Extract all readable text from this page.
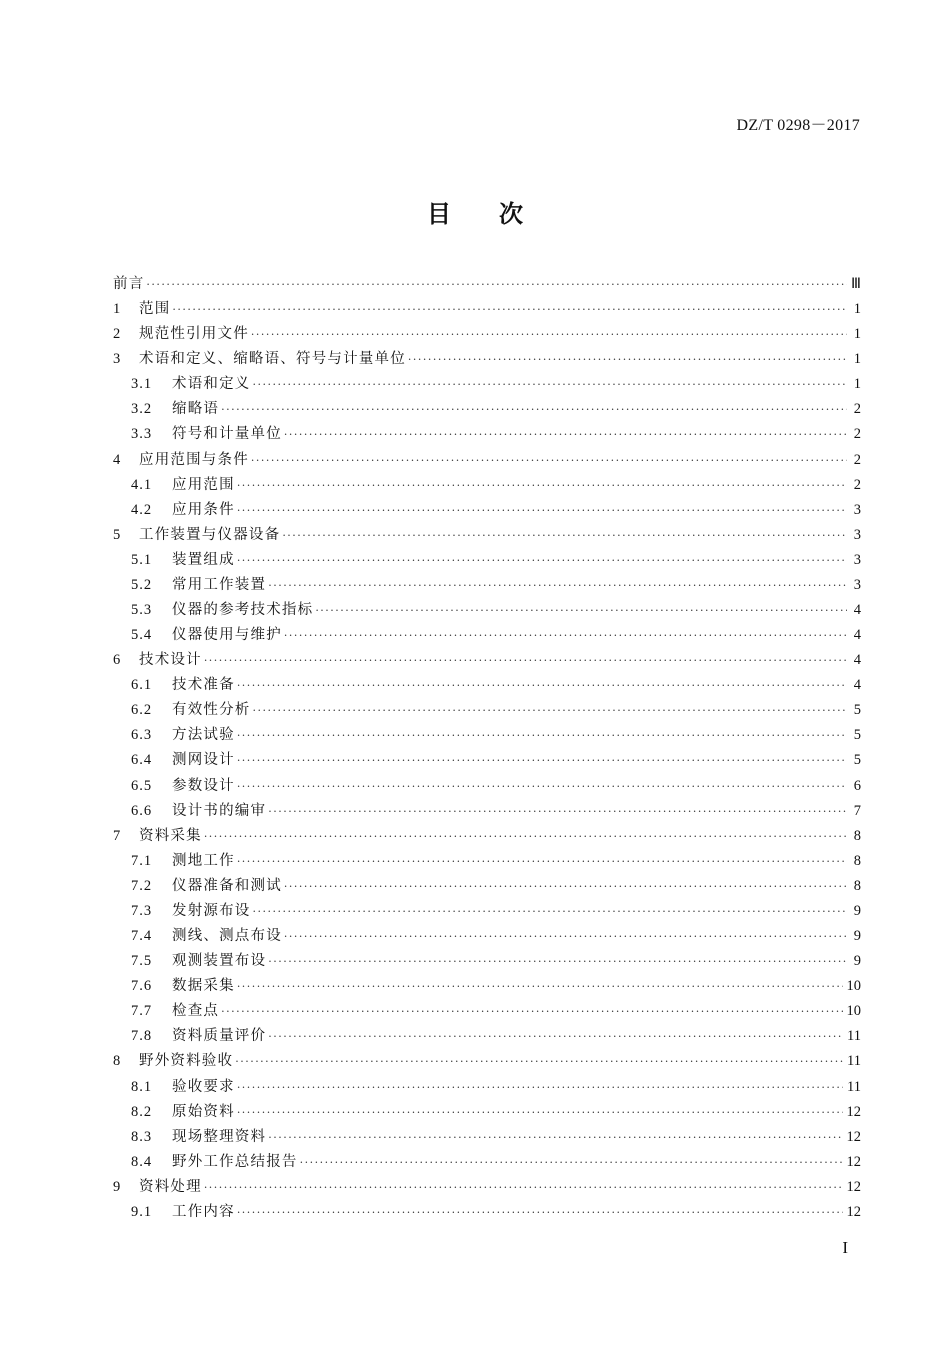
DZ/T 0298－2017
目次
前言 ·····	Ⅲ
1	范围 ·····	1
2	规范性引用文件 ·····	1
3	术语和定义、缩略语、符号与计量单位 ·····	1
3.1	术语和定义 ·····	1
3.2	缩略语 ·····	2
3.3	符号和计量单位 ·····	2
4	应用范围与条件 ·····	2
4.1	应用范围 ·····	2
4.2	应用条件 ·····	3
5	工作装置与仪器设备 ·····	3
5.1	装置组成 ·····	3
5.2	常用工作装置 ·····	3
5.3	仪器的参考技术指标 ·····	4
5.4	仪器使用与维护 ·····	4
6	技术设计 ·····	4
6.1	技术准备 ·····	4
6.2	有效性分析 ·····	5
6.3	方法试验 ·····	5
6.4	测网设计 ·····	5
6.5	参数设计 ·····	6
6.6	设计书的编审 ·····	7
7	资料采集 ·····	8
7.1	测地工作 ·····	8
7.2	仪器准备和测试 ·····	8
7.3	发射源布设 ·····	9
7.4	测线、测点布设 ·····	9
7.5	观测装置布设 ·····	9
7.6	数据采集 ·····	10
7.7	检查点 ·····	10
7.8	资料质量评价 ·····	11
8	野外资料验收 ·····	11
8.1	验收要求 ·····	11
8.2	原始资料 ·····	12
8.3	现场整理资料 ·····	12
8.4	野外工作总结报告 ·····	12
9	资料处理 ·····	12
9.1	工作内容 ·····	12
I
